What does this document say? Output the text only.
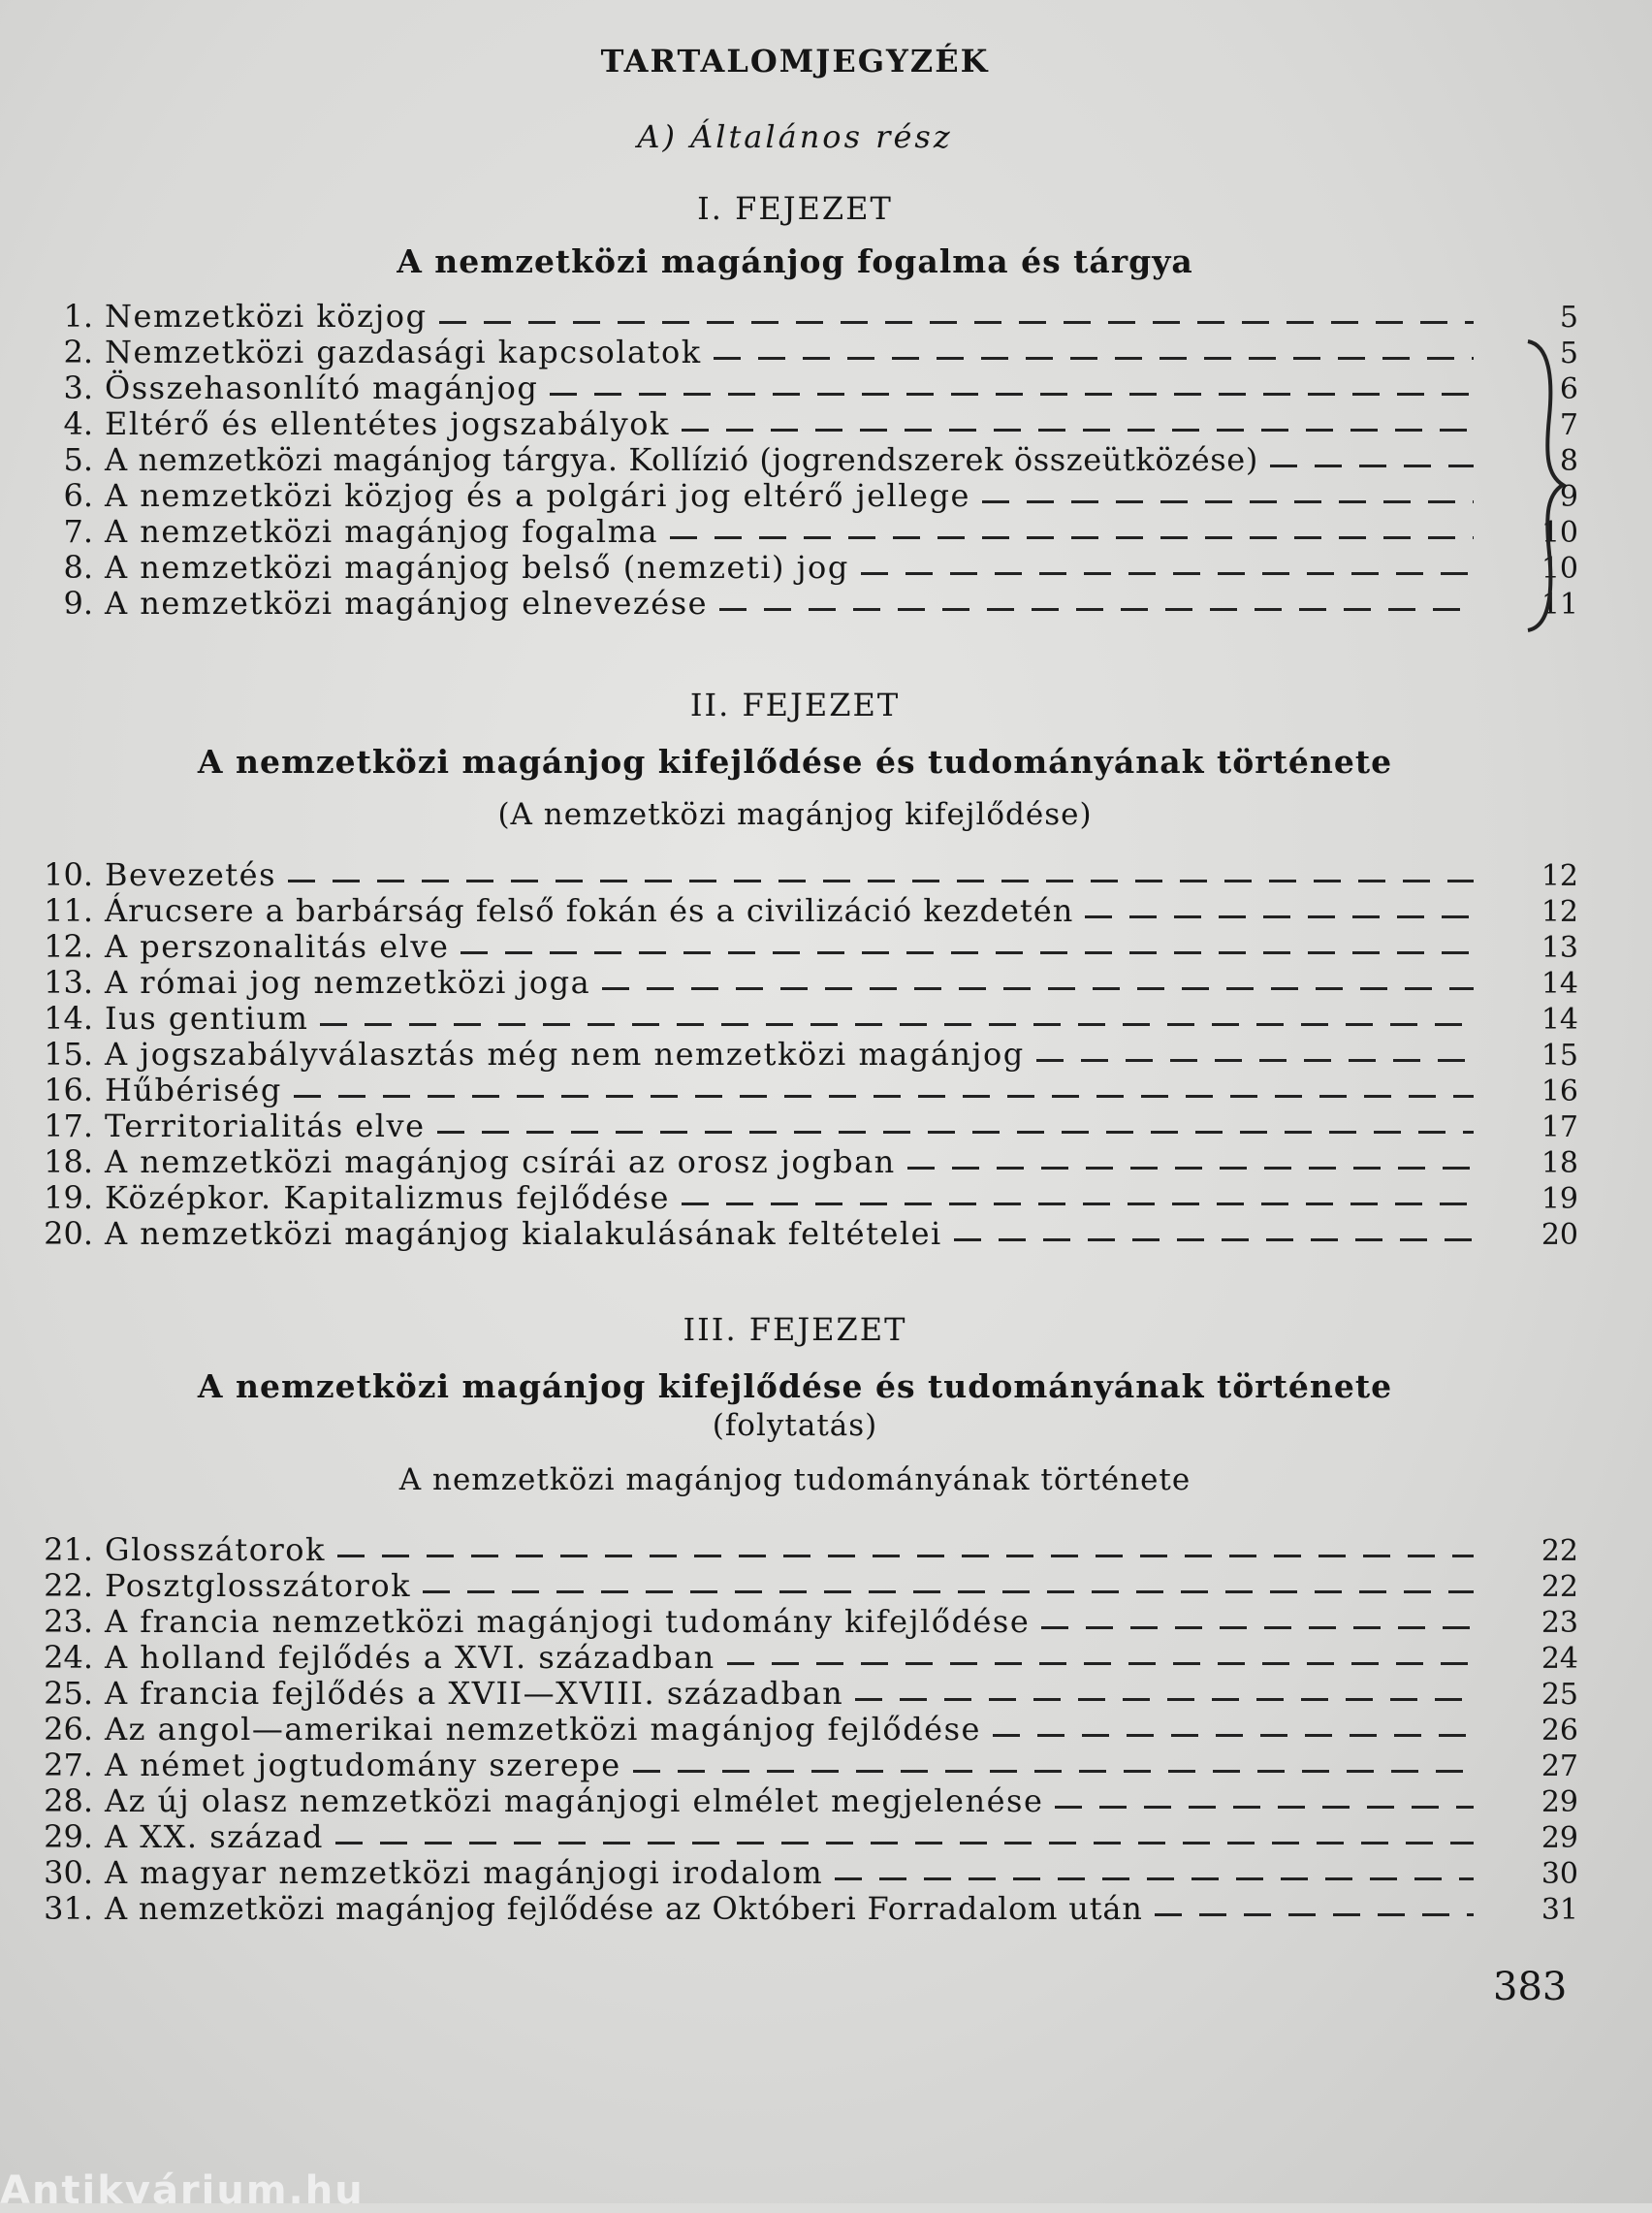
TARTALOMJEGYZÉK
A) Általános rész
I. FEJEZET
A nemzetközi magánjog fogalma és tárgya
1. Nemzetközi közjog	5
2. Nemzetközi gazdasági kapcsolatok	5
3. Összehasonlító magánjog	6
4. Eltérő és ellentétes jogszabályok	7
5. A nemzetközi magánjog tárgya. Kollízió (jogrendszerek összeütközése)	8
6. A nemzetközi közjog és a polgári jog eltérő jellege	9
7. A nemzetközi magánjog fogalma	10
8. A nemzetközi magánjog belső (nemzeti) jog	10
9. A nemzetközi magánjog elnevezése	11
II. FEJEZET
A nemzetközi magánjog kifejlődése és tudományának története
(A nemzetközi magánjog kifejlődése)
10. Bevezetés	12
11. Árucsere a barbárság felső fokán és a civilizáció kezdetén	12
12. A perszonalitás elve	13
13. A római jog nemzetközi joga	14
14. Ius gentium	14
15. A jogszabályválasztás még nem nemzetközi magánjog	15
16. Hűbériség	16
17. Territorialitás elve	17
18. A nemzetközi magánjog csírái az orosz jogban	18
19. Középkor. Kapitalizmus fejlődése	19
20. A nemzetközi magánjog kialakulásának feltételei	20
III. FEJEZET
A nemzetközi magánjog kifejlődése és tudományának története
(folytatás)
A nemzetközi magánjog tudományának története
21. Glosszátorok	22
22. Posztglosszátorok	22
23. A francia nemzetközi magánjogi tudomány kifejlődése	23
24. A holland fejlődés a XVI. században	24
25. A francia fejlődés a XVII—XVIII. században	25
26. Az angol—amerikai nemzetközi magánjog fejlődése	26
27. A német jogtudomány szerepe	27
28. Az új olasz nemzetközi magánjogi elmélet megjelenése	29
29. A XX. század	29
30. A magyar nemzetközi magánjogi irodalom	30
31. A nemzetközi magánjog fejlődése az Októberi Forradalom után	31
383
Antikvárium.hu
